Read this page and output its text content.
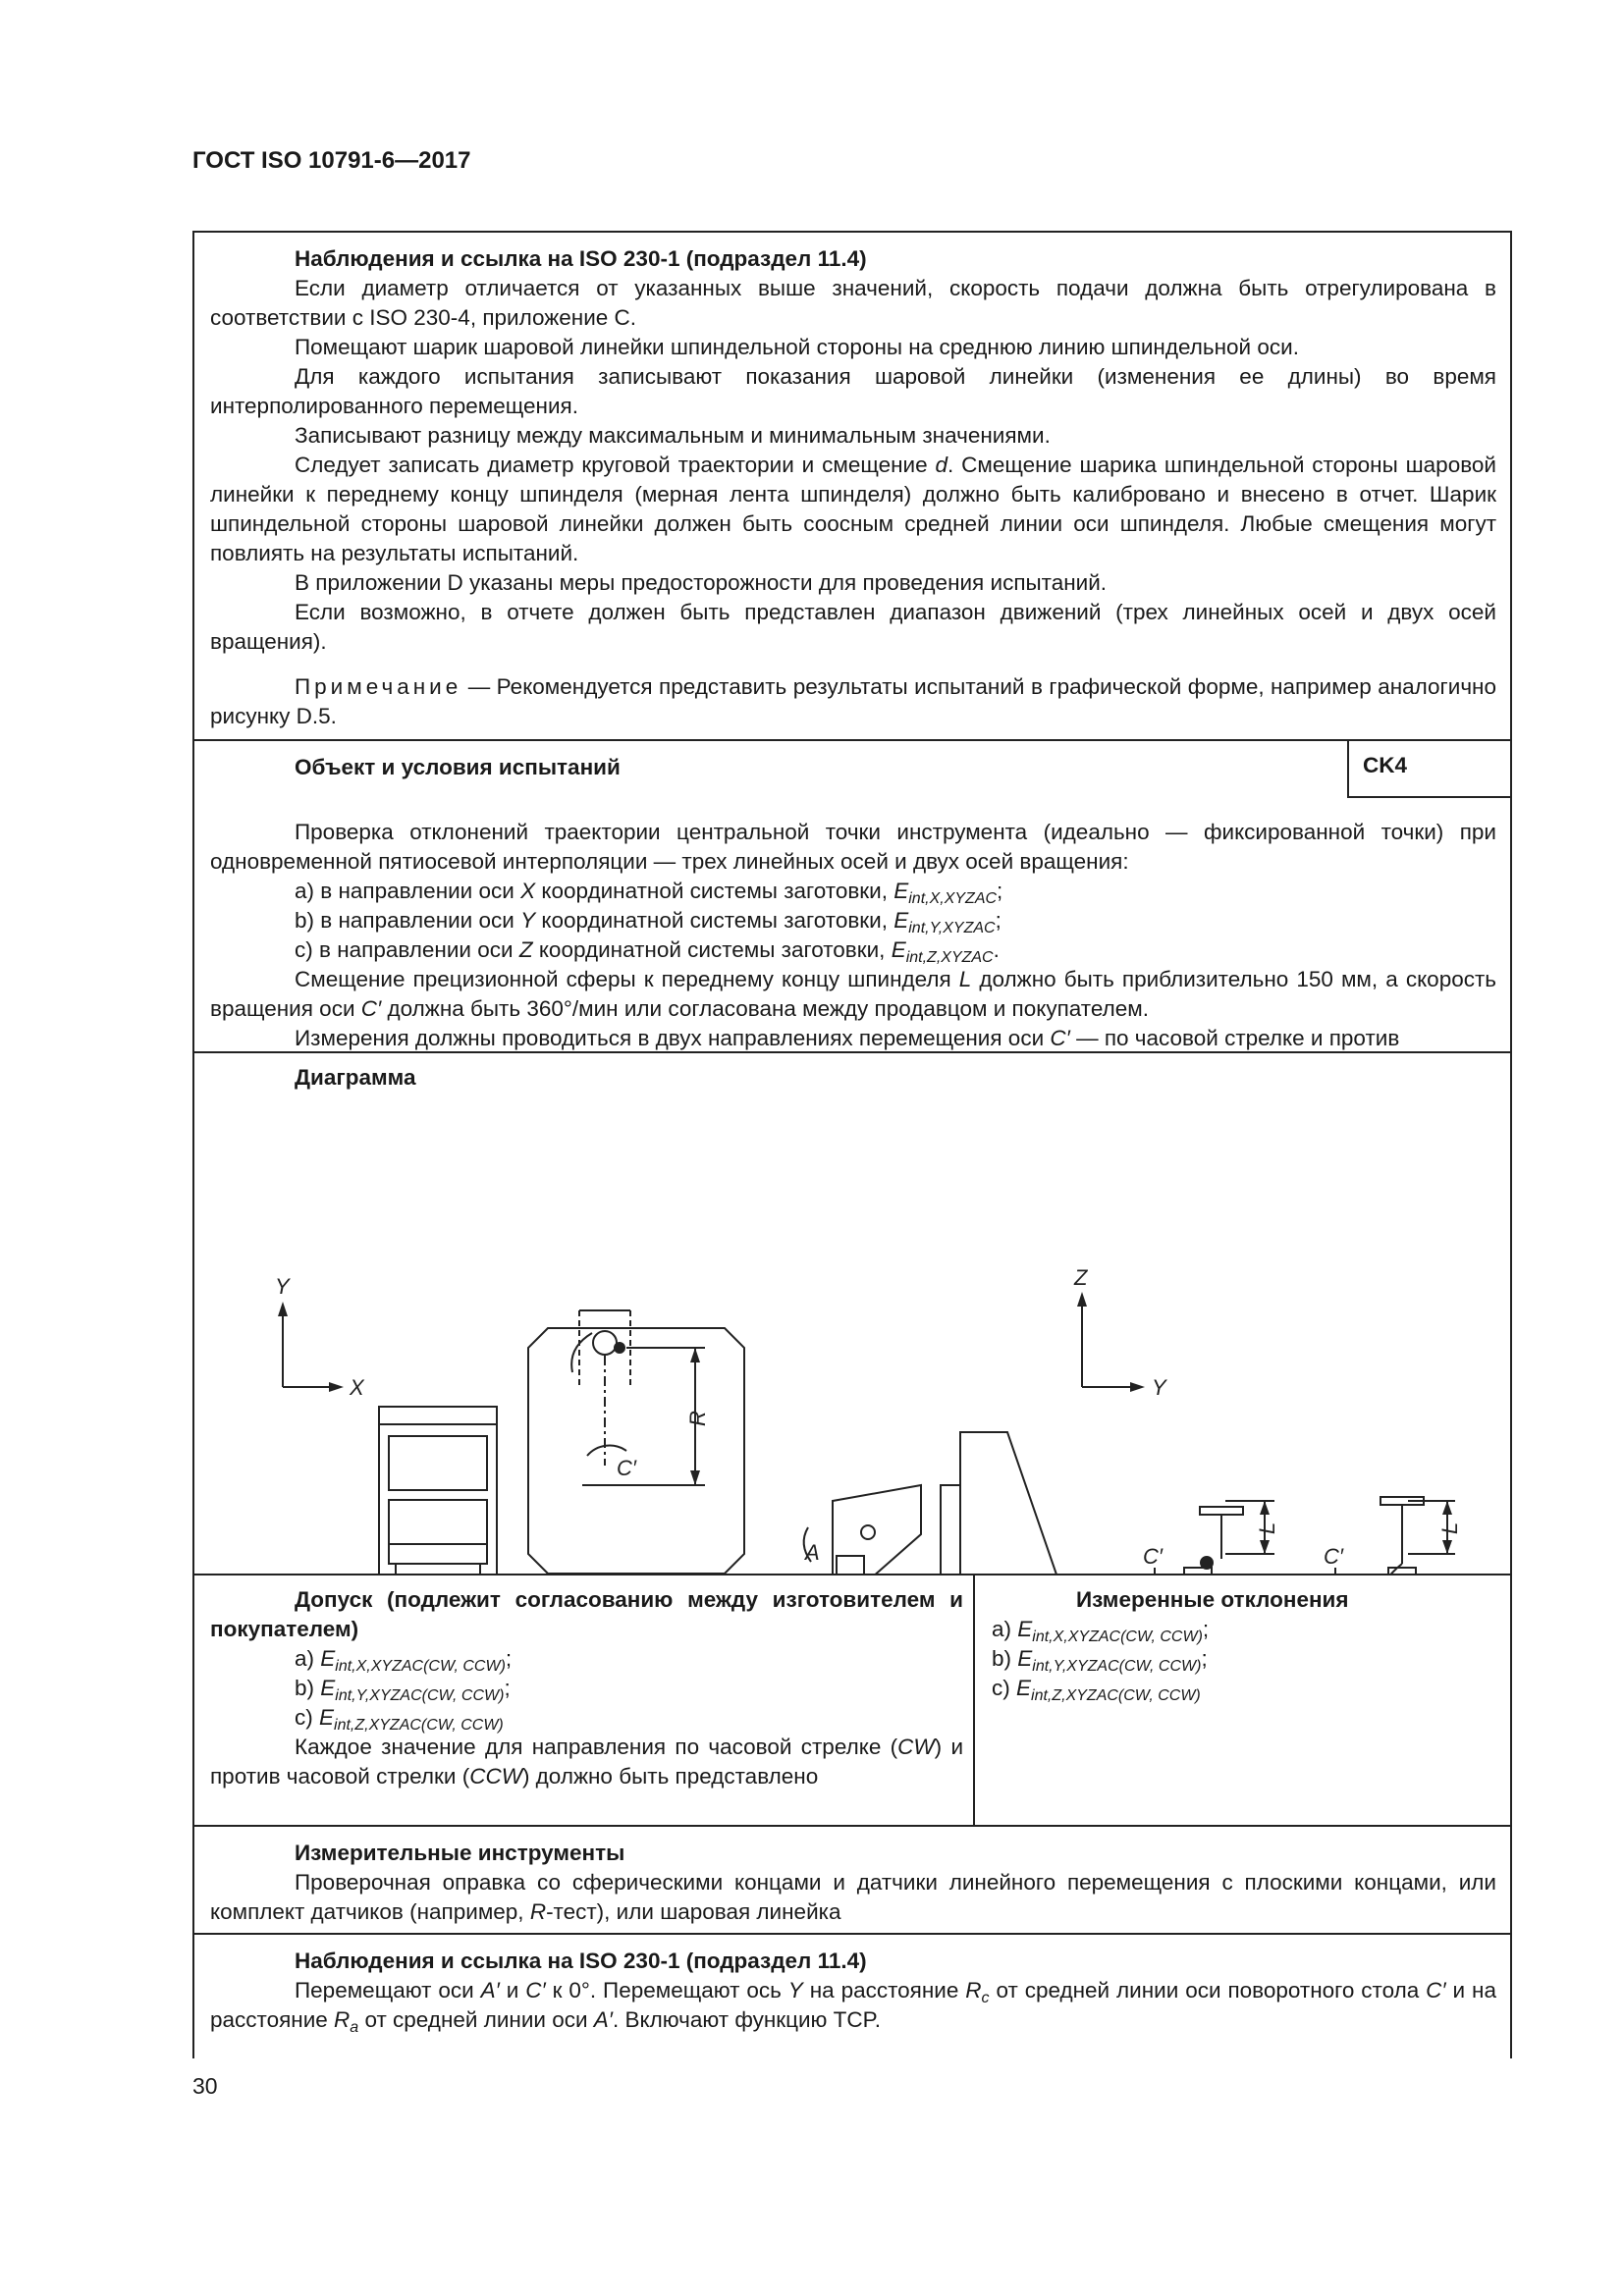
ГОСТ ISO 10791-6—2017

Наблюдения и ссылка на ISO 230-1 (подраздел 11.4)

Если диаметр отличается от указанных выше значений, скорость подачи должна быть отрегулирована в соответствии с ISO 230-4, приложение C.

Помещают шарик шаровой линейки шпиндельной стороны на среднюю линию шпиндельной оси.

Для каждого испытания записывают показания шаровой линейки (изменения ее длины) во время интерполированного перемещения.

Записывают разницу между максимальным и минимальным значениями.

Следует записать диаметр круговой траектории и смещение d. Смещение шарика шпиндельной стороны шаровой линейки к переднему концу шпинделя (мерная лента шпинделя) должно быть калибровано и внесено в отчет. Шарик шпиндельной стороны шаровой линейки должен быть соосным средней линии оси шпинделя. Любые смещения могут повлиять на результаты испытаний.

В приложении D указаны меры предосторожности для проведения испытаний.

Если возможно, в отчете должен быть представлен диапазон движений (трех линейных осей и двух осей вращения).

Примечание — Рекомендуется представить результаты испытаний в графической форме, например аналогично рисунку D.5.

CK4

Объект и условия испытаний

Проверка отклонений траектории центральной точки инструмента (идеально — фиксированной точки) при одновременной пятиосевой интерполяции — трех линейных осей и двух осей вращения:

а) в направлении оси X координатной системы заготовки, $E_{int,X,XYZAC}$;

b) в направлении оси Y координатной системы заготовки, $E_{int,Y,XYZAC}$;

c) в направлении оси Z координатной системы заготовки, $E_{int,Z,XYZAC}$.

Смещение прецизионной сферы к переднему концу шпинделя L должно быть приблизительно 150 мм, а скорость вращения оси C′ должна быть 360°/мин или согласована между продавцом и покупателем.

Измерения должны проводиться в двух направлениях перемещения оси C′ — по часовой стрелке и против

Диаграмма

Y
X
R
C′
Z
Y
A
L
C′
L
C′

Допуск (подлежит согласованию между изготовителем и покупателем)

a) $E_{int,X,XYZAC(CW, CCW)}$;

b) $E_{int,Y,XYZAC(CW, CCW)}$;

c) $E_{int,Z,XYZAC(CW, CCW)}$

Каждое значение для направления по часовой стрелке (CW) и против часовой стрелки (CCW) должно быть представлено

Измеренные отклонения

a) $E_{int,X,XYZAC(CW, CCW)}$;

b) $E_{int,Y,XYZAC(CW, CCW)}$;

c) $E_{int,Z,XYZAC(CW, CCW)}$

Измерительные инструменты

Проверочная оправка со сферическими концами и датчики линейного перемещения с плоскими концами, или комплект датчиков (например, R-тест), или шаровая линейка

Наблюдения и ссылка на ISO 230-1 (подраздел 11.4)

Перемещают оси A′ и C′ к 0°. Перемещают ось Y на расстояние $R_c$ от средней линии оси поворотного стола C′ и на расстояние $R_a$ от средней линии оси A′. Включают функцию TCP.

30
